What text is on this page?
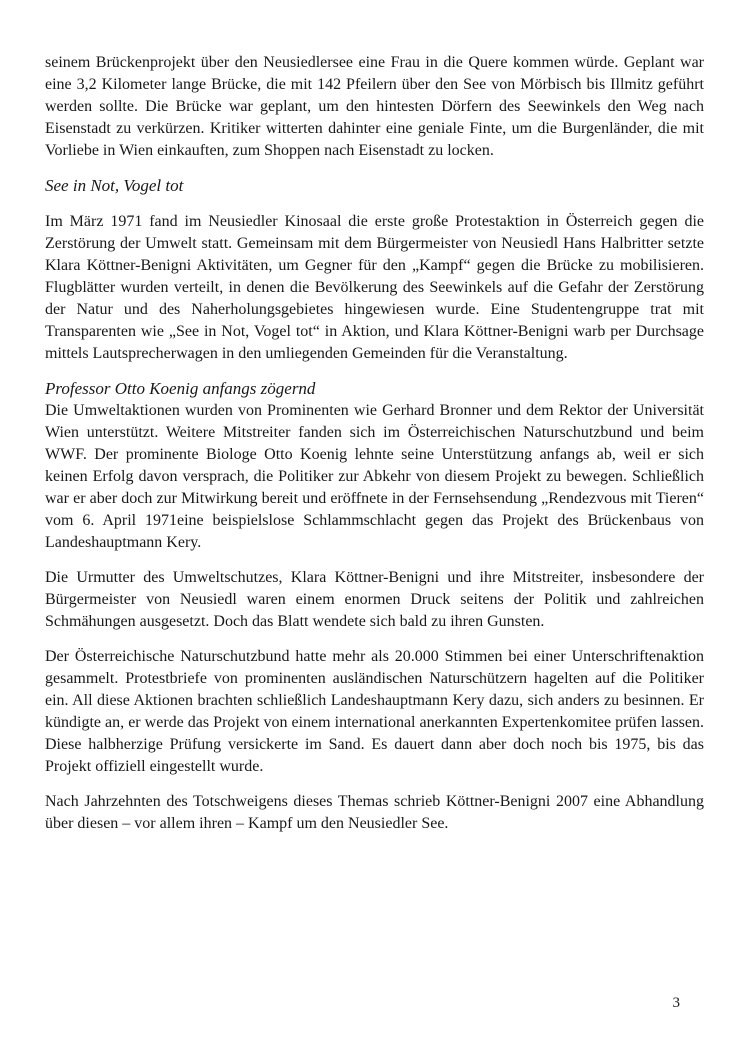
seinem Brückenprojekt über den Neusiedlersee eine Frau in die Quere kommen würde. Geplant war eine 3,2 Kilometer lange Brücke, die mit 142 Pfeilern über den See von Mörbisch bis Illmitz geführt werden sollte. Die Brücke war geplant, um den hintesten Dörfern des Seewinkels den Weg nach Eisenstadt zu verkürzen. Kritiker witterten dahinter eine geniale Finte, um die Burgenländer, die mit Vorliebe in Wien einkauften, zum Shoppen nach Eisenstadt zu locken.

See in Not, Vogel tot

Im März 1971 fand im Neusiedler Kinosaal die erste große Protestaktion in Österreich gegen die Zerstörung der Umwelt statt. Gemeinsam mit dem Bürgermeister von Neusiedl Hans Halbritter setzte Klara Köttner-Benigni Aktivitäten, um Gegner für den „Kampf“ gegen die Brücke zu mobilisieren. Flugblätter wurden verteilt, in denen die Bevölkerung des Seewinkels auf die Gefahr der Zerstörung der Natur und des Naherholungsgebietes hingewiesen wurde. Eine Studentengruppe trat mit Transparenten wie „See in Not, Vogel tot“ in Aktion, und Klara Köttner-Benigni warb per Durchsage mittels Lautsprecherwagen in den umliegenden Gemeinden für die Veranstaltung.

Professor Otto Koenig anfangs zögernd

Die Umweltaktionen wurden von Prominenten wie Gerhard Bronner und dem Rektor der Universität Wien unterstützt. Weitere Mitstreiter fanden sich im Österreichischen Naturschutzbund und beim WWF. Der prominente Biologe Otto Koenig lehnte seine Unterstützung anfangs ab, weil er sich keinen Erfolg davon versprach, die Politiker zur Abkehr von diesem Projekt zu bewegen. Schließlich war er aber doch zur Mitwirkung bereit und eröffnete in der Fernsehsendung „Rendezvous mit Tieren“ vom 6. April 1971eine beispielslose Schlammschlacht gegen das Projekt des Brückenbaus von Landeshauptmann Kery.

Die Urmutter des Umweltschutzes, Klara Köttner-Benigni und ihre Mitstreiter, insbesondere der Bürgermeister von Neusiedl waren einem enormen Druck seitens der Politik und zahlreichen Schmähungen ausgesetzt. Doch das Blatt wendete sich bald zu ihren Gunsten.

Der Österreichische Naturschutzbund hatte mehr als 20.000 Stimmen bei einer Unterschriftenaktion gesammelt. Protestbriefe von prominenten ausländischen Naturschützern hagelten auf die Politiker ein. All diese Aktionen brachten schließlich Landeshauptmann Kery dazu, sich anders zu besinnen. Er kündigte an, er werde das Projekt von einem international anerkannten Expertenkomitee prüfen lassen. Diese halbherzige Prüfung versickerte im Sand. Es dauert dann aber doch noch bis 1975, bis das Projekt offiziell eingestellt wurde.

Nach Jahrzehnten des Totschweigens dieses Themas schrieb Köttner-Benigni 2007 eine Abhandlung über diesen – vor allem ihren – Kampf um den Neusiedler See.

3
